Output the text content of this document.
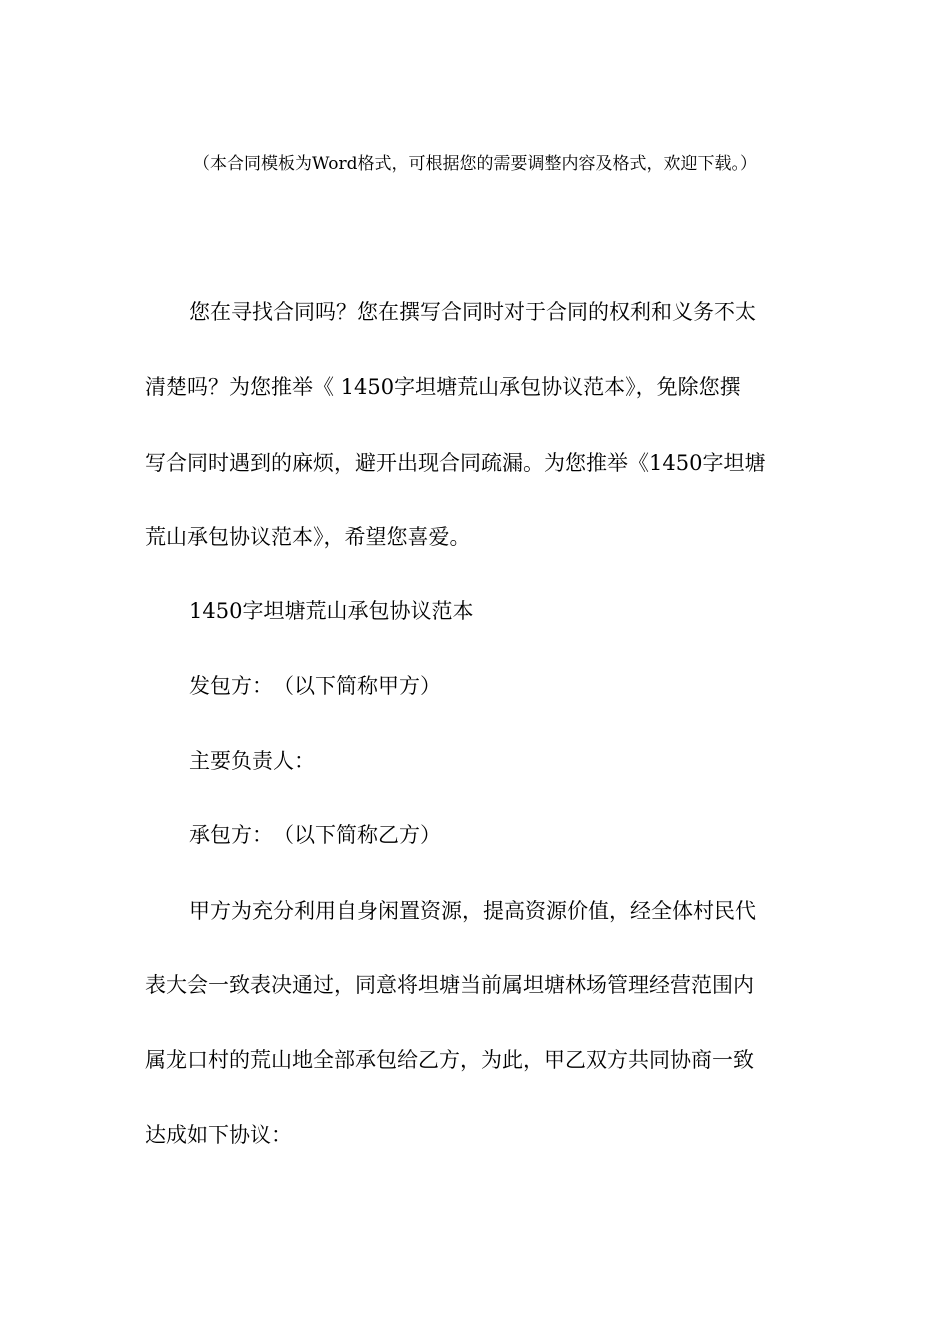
（本合同模板为Word格式，可根据您的需要调整内容及格式，欢迎下载。）
您在寻找合同吗？您在撰写合同时对于合同的权利和义务不太
清楚吗？为您推举《 1450字坦塘荒山承包协议范本》，免除您撰
写合同时遇到的麻烦，避开出现合同疏漏。为您推举《1450字坦塘
荒山承包协议范本》，希望您喜爱。
1450字坦塘荒山承包协议范本
发包方：　（以下简称甲方）
主要负责人：
承包方：　（以下简称乙方）
甲方为充分利用自身闲置资源，提高资源价值，经全体村民代
表大会一致表决通过，同意将坦塘当前属坦塘林场管理经营范围内
属龙口村的荒山地全部承包给乙方，为此，甲乙双方共同协商一致
达成如下协议：
